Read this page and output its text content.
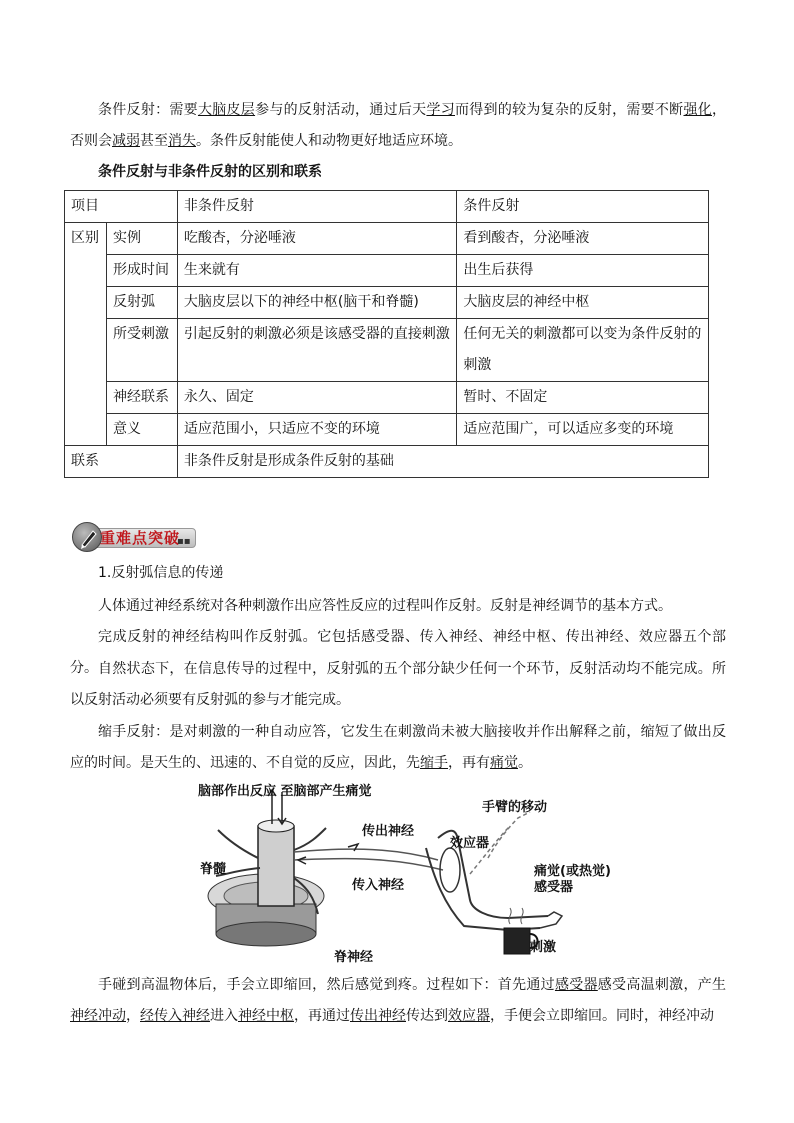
条件反射：需要大脑皮层参与的反射活动，通过后天学习而得到的较为复杂的反射，需要不断强化，否则会减弱甚至消失。条件反射能使人和动物更好地适应环境。

条件反射与非条件反射的区别和联系
项目		非条件反射	条件反射
区别	实例	吃酸杏，分泌唾液	看到酸杏，分泌唾液
	形成时间	生来就有	出生后获得
	反射弧	大脑皮层以下的神经中枢(脑干和脊髓)	大脑皮层的神经中枢
	所受刺激	引起反射的刺激必须是该感受器的直接刺激	任何无关的刺激都可以变为条件反射的刺激
	神经联系	永久、固定	暂时、不固定
	意义	适应范围小，只适应不变的环境	适应范围广，可以适应多变的环境
联系		非条件反射是形成条件反射的基础	
重难点突破
▪▪
1.反射弧信息的传递

人体通过神经系统对各种刺激作出应答性反应的过程叫作反射。反射是神经调节的基本方式。

完成反射的神经结构叫作反射弧。它包括感受器、传入神经、神经中枢、传出神经、效应器五个部分。 自然状态下，在信息传导的过程中，反射弧的五个部分缺少任何一个环节，反射活动均不能完成。所以反射活动必须要有反射弧的参与才能完成。

缩手反射：是对刺激的一种自动应答，它发生在刺激尚未被大脑接收并作出解释之前，缩短了做出反应的时间。是天生的、迅速的、不自觉的反应，因此，先缩手，再有痛觉。

脑部作出反应 至脑部产生痛觉
手臂的移动
传出神经
效应器
脊髓
传入神经
痛觉(或热觉)
感受器
脊神经
刺激

手碰到高温物体后，手会立即缩回，然后感觉到疼。过程如下：首先通过感受器感受高温刺激，产生神经冲动，经传入神经进入神经中枢，再通过传出神经传达到效应器，手便会立即缩回。同时，神经冲动
